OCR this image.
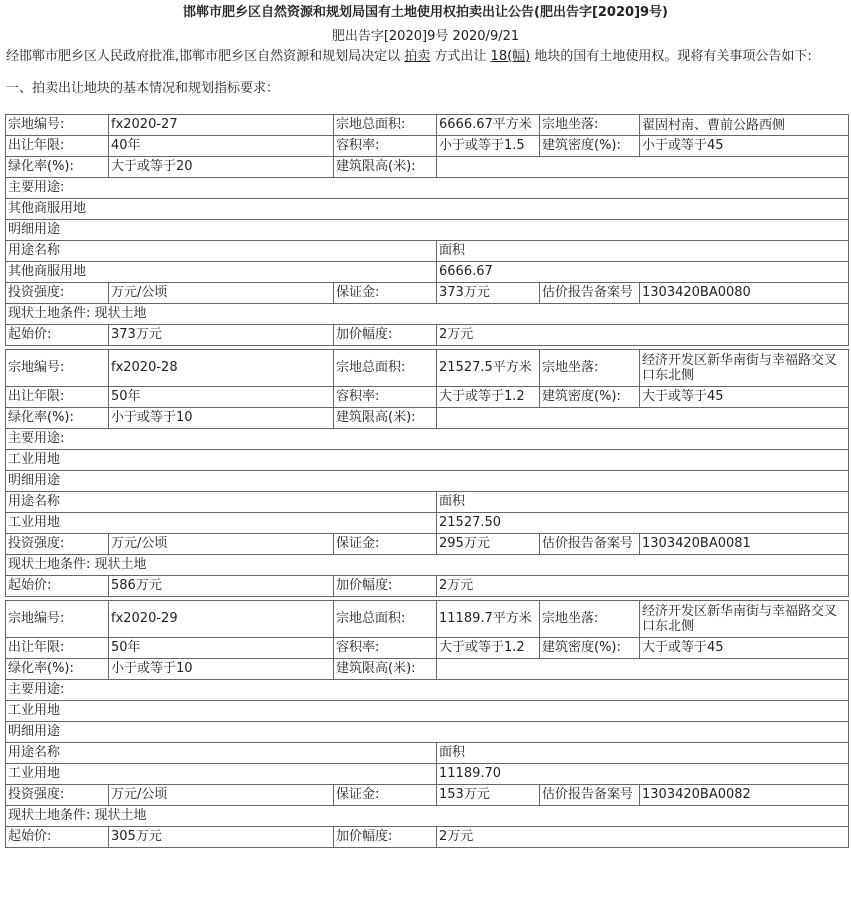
邯郸市肥乡区自然资源和规划局国有土地使用权拍卖出让公告(肥出告字[2020]9号)
肥出告字[2020]9号 2020/9/21
经邯郸市肥乡区人民政府批准,邯郸市肥乡区自然资源和规划局决定以 拍卖 方式出让 18(幅) 地块的国有土地使用权。现将有关事项公告如下:
一、拍卖出让地块的基本情况和规划指标要求：
宗地编号:	fx2020-27	宗地总面积:	6666.67平方米	宗地坐落:	翟固村南、曹前公路西侧
出让年限:	40年	容积率:	小于或等于1.5	建筑密度(%):	小于或等于45
绿化率(%):	大于或等于20	建筑限高(米):			
主要用途:					
其他商服用地					
明细用途					
用途名称			面积		
其他商服用地			6666.67		
投资强度:	万元/公顷	保证金:	373万元	估价报告备案号	1303420BA0080
现状土地条件: 现状土地					
起始价:	373万元	加价幅度:	2万元		
宗地编号:	fx2020-28	宗地总面积:	21527.5平方米	宗地坐落:	经济开发区新华南街与幸福路交叉口东北侧
出让年限:	50年	容积率:	大于或等于1.2	建筑密度(%):	大于或等于45
绿化率(%):	小于或等于10	建筑限高(米):			
主要用途:					
工业用地					
明细用途					
用途名称			面积		
工业用地			21527.50		
投资强度:	万元/公顷	保证金:	295万元	估价报告备案号	1303420BA0081
现状土地条件: 现状土地					
起始价:	586万元	加价幅度:	2万元		
宗地编号:	fx2020-29	宗地总面积:	11189.7平方米	宗地坐落:	经济开发区新华南街与幸福路交叉口东北侧
出让年限:	50年	容积率:	大于或等于1.2	建筑密度(%):	大于或等于45
绿化率(%):	小于或等于10	建筑限高(米):			
主要用途:					
工业用地					
明细用途					
用途名称			面积		
工业用地			11189.70		
投资强度:	万元/公顷	保证金:	153万元	估价报告备案号	1303420BA0082
现状土地条件: 现状土地					
起始价:	305万元	加价幅度:	2万元		
